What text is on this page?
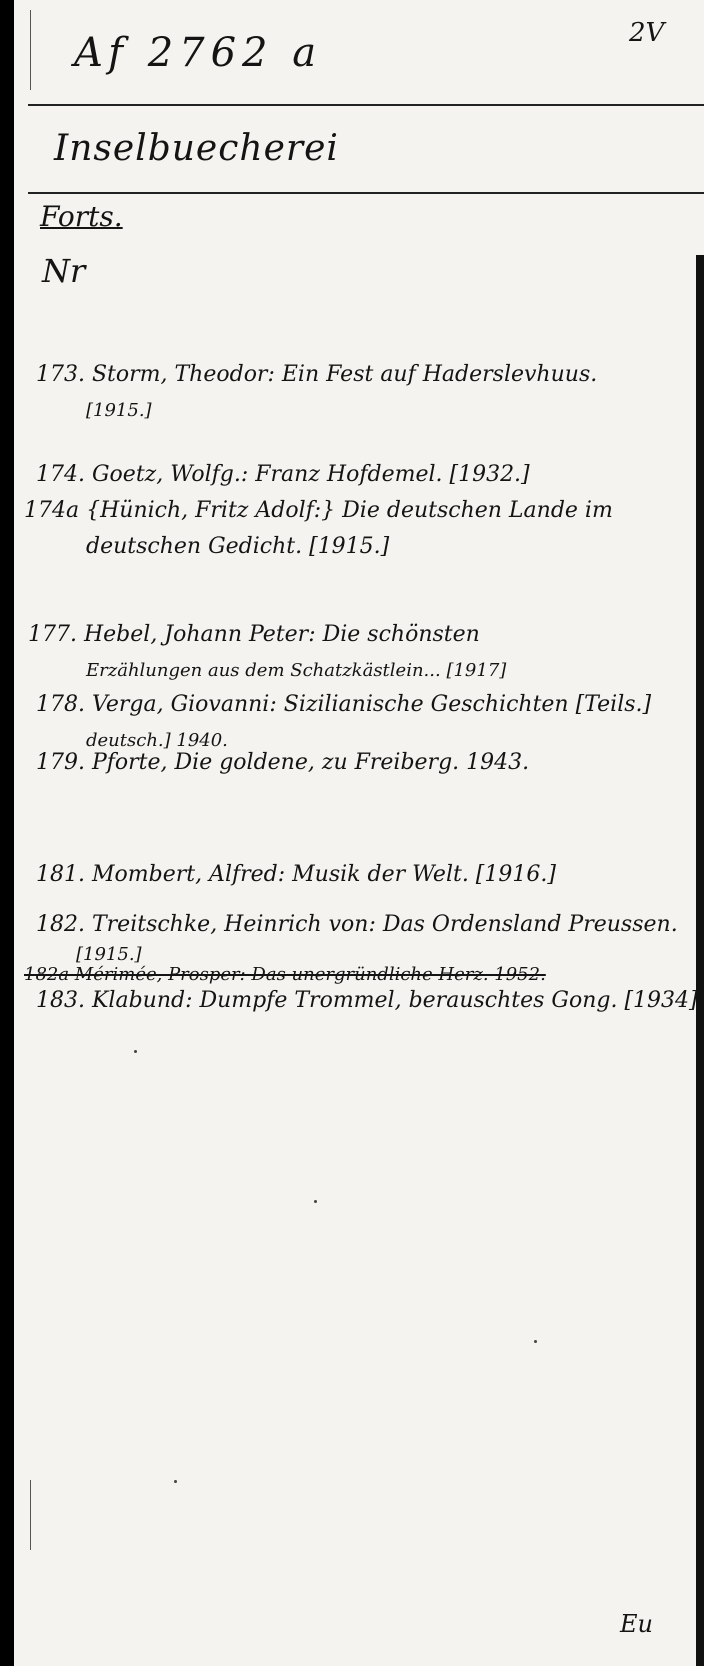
Af 2762 a	2V
Inselbuecherei
Forts.
Nr
173. Storm, Theodor: Ein Fest auf Haderslevhuus.
[1915.]
174. Goetz, Wolfg.: Franz Hofdemel. [1932.]
174a {Hünich, Fritz Adolf:} Die deutschen Lande im
deutschen Gedicht. [1915.]
177. Hebel, Johann Peter: Die schönsten
Erzählungen aus dem Schatzkästlein... [1917]
178. Verga, Giovanni: Sizilianische Geschichten [Teils.]
deutsch.] 1940.
179. Pforte, Die goldene, zu Freiberg. 1943.
181. Mombert, Alfred: Musik der Welt. [1916.]
182. Treitschke, Heinrich von: Das Ordensland Preussen.
[1915.]
182a Mérimée, Prosper: Das unergründliche Herz. 1952.
183. Klabund: Dumpfe Trommel, berauschtes Gong. [1934]
Eu
